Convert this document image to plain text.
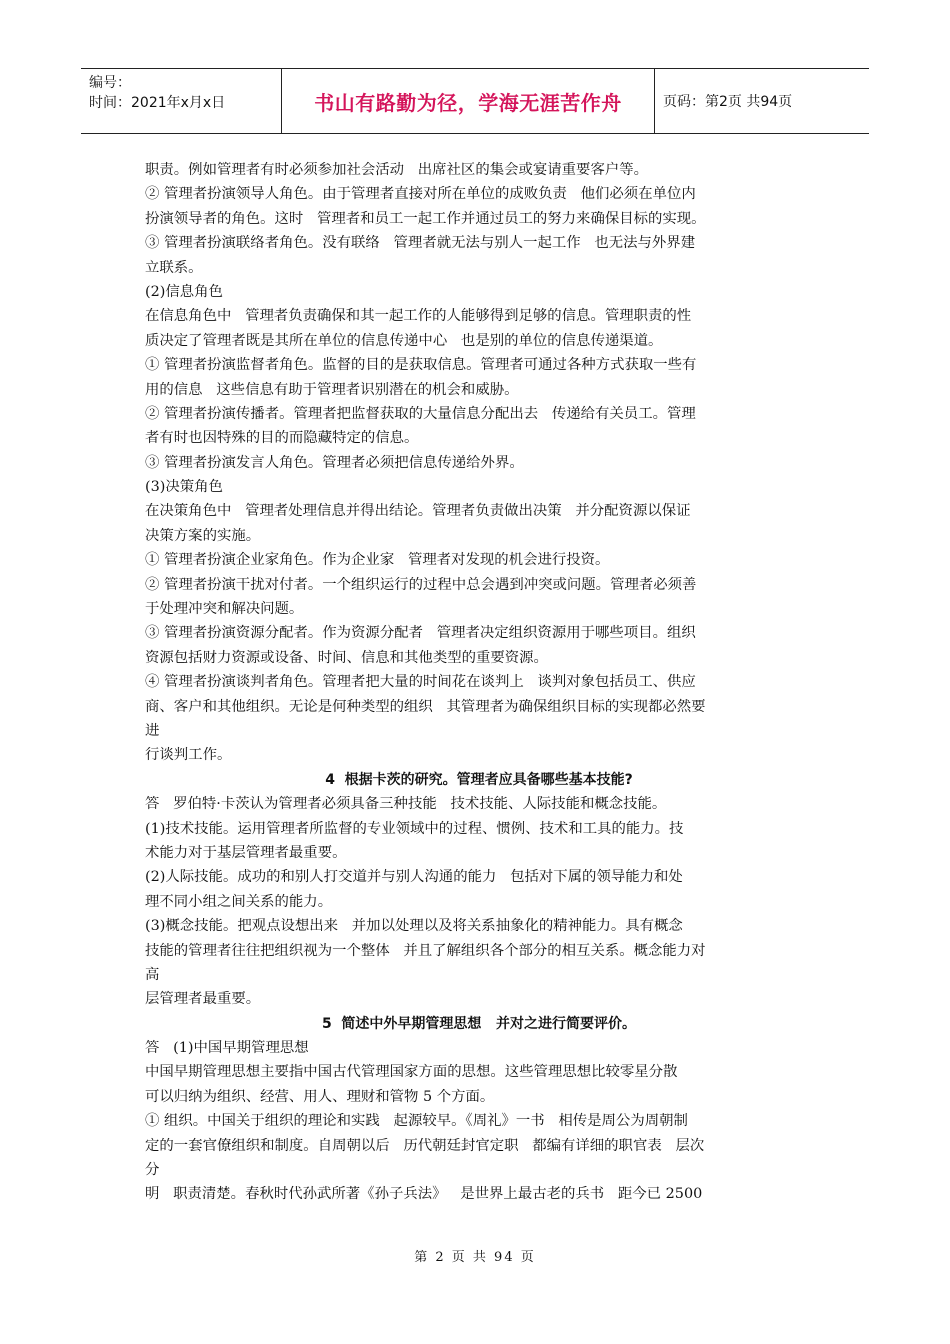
编号：
时间：2021年x月x日	书山有路勤为径，学海无涯苦作舟	页码：第2页 共94页
职责。例如管理者有时必须参加社会活动   出席社区的集会或宴请重要客户等。
② 管理者扮演领导人角色。由于管理者直接对所在单位的成败负责   他们必须在单位内
扮演领导者的角色。这时   管理者和员工一起工作并通过员工的努力来确保目标的实现。
③ 管理者扮演联络者角色。没有联络   管理者就无法与别人一起工作   也无法与外界建
立联系。
(2)信息角色
在信息角色中   管理者负责确保和其一起工作的人能够得到足够的信息。管理职责的性
质决定了管理者既是其所在单位的信息传递中心   也是别的单位的信息传递渠道。
① 管理者扮演监督者角色。监督的目的是获取信息。管理者可通过各种方式获取一些有
用的信息   这些信息有助于管理者识别潜在的机会和威胁。
② 管理者扮演传播者。管理者把监督获取的大量信息分配出去   传递给有关员工。管理
者有时也因特殊的目的而隐藏特定的信息。
③ 管理者扮演发言人角色。管理者必须把信息传递给外界。
(3)决策角色
在决策角色中   管理者处理信息并得出结论。管理者负责做出决策   并分配资源以保证
决策方案的实施。
① 管理者扮演企业家角色。作为企业家   管理者对发现的机会进行投资。
② 管理者扮演干扰对付者。一个组织运行的过程中总会遇到冲突或问题。管理者必须善
于处理冲突和解决问题。
③ 管理者扮演资源分配者。作为资源分配者   管理者决定组织资源用于哪些项目。组织
资源包括财力资源或设备、时间、信息和其他类型的重要资源。
④ 管理者扮演谈判者角色。管理者把大量的时间花在谈判上   谈判对象包括员工、供应
商、客户和其他组织。无论是何种类型的组织   其管理者为确保组织目标的实现都必然要
进
行谈判工作。
4  根据卡茨的研究。管理者应具备哪些基本技能?
答   罗伯特·卡茨认为管理者必须具备三种技能   技术技能、人际技能和概念技能。
(1)技术技能。运用管理者所监督的专业领域中的过程、惯例、技术和工具的能力。技
术能力对于基层管理者最重要。
(2)人际技能。成功的和别人打交道并与别人沟通的能力   包括对下属的领导能力和处
理不同小组之间关系的能力。
(3)概念技能。把观点设想出来   并加以处理以及将关系抽象化的精神能力。具有概念
技能的管理者往往把组织视为一个整体   并且了解组织各个部分的相互关系。概念能力对
高
层管理者最重要。
5  简述中外早期管理思想   并对之进行简要评价。
答   (1)中国早期管理思想
中国早期管理思想主要指中国古代管理国家方面的思想。这些管理思想比较零星分散
可以归纳为组织、经营、用人、理财和管物 5 个方面。
① 组织。中国关于组织的理论和实践   起源较早。《周礼》一书   相传是周公为周朝制
定的一套官僚组织和制度。自周朝以后   历代朝廷封官定职   都编有详细的职官表   层次
分
明   职责清楚。春秋时代孙武所著《孙子兵法》   是世界上最古老的兵书   距今已 2500
第 2 页 共 94 页
